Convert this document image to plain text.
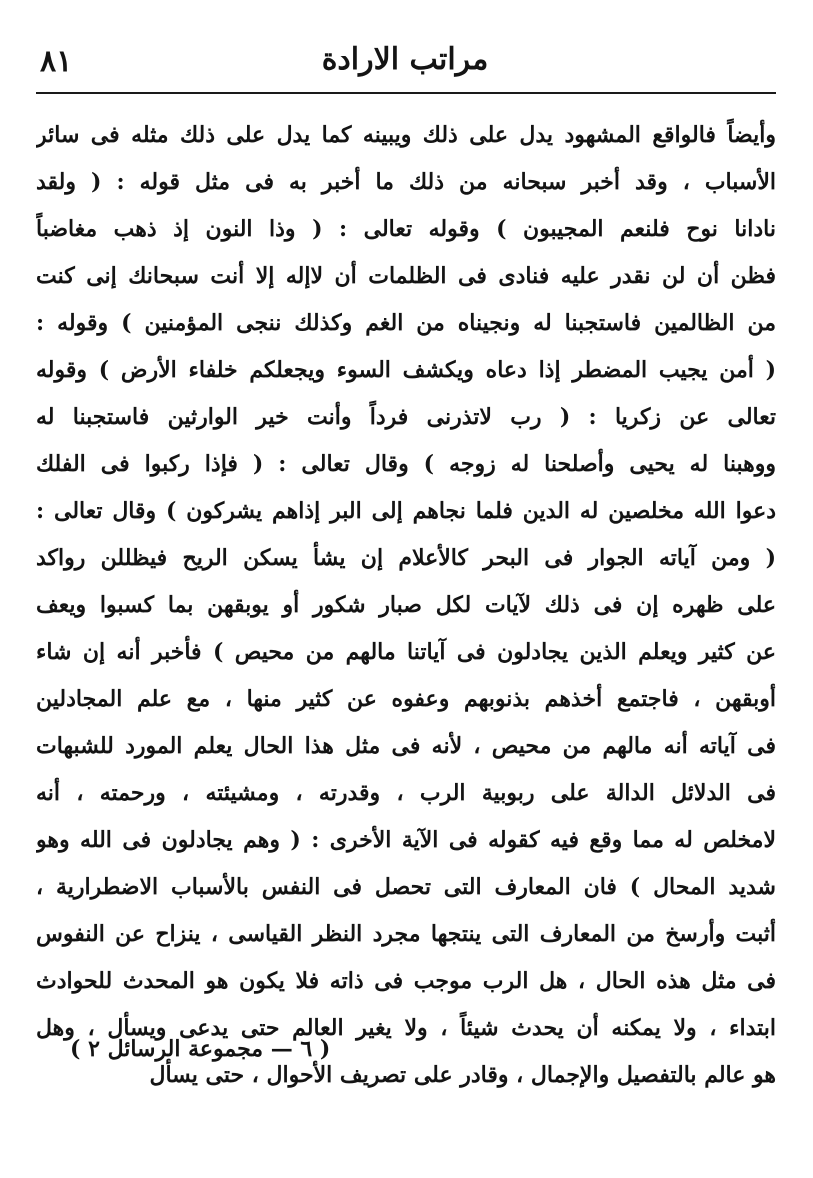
٨١	مراتب الارادة
وأيضاً فالواقع المشهود يدل على ذلك ويبينه كما يدل على ذلك مثله فى سائر
الأسباب ، وقد أخبر سبحانه من ذلك ما أخبر به فى مثل قوله : ( ولقد
نادانا نوح فلنعم المجيبون ) وقوله تعالى : ( وذا النون إذ ذهب مغاضباً
فظن أن لن نقدر عليه فنادى فى الظلمات أن لاإله إلا أنت سبحانك إنى كنت
من الظالمين فاستجبنا له ونجيناه من الغم وكذلك ننجى المؤمنين ) وقوله :
( أمن يجيب المضطر إذا دعاه ويكشف السوء ويجعلكم خلفاء الأرض ) وقوله
تعالى عن زكريا : ( رب لاتذرنى فرداً وأنت خير الوارثين فاستجبنا له
ووهبنا له يحيى وأصلحنا له زوجه ) وقال تعالى : ( فإذا ركبوا فى الفلك
دعوا الله مخلصين له الدين فلما نجاهم إلى البر إذاهم يشركون ) وقال تعالى :
( ومن آياته الجوار فى البحر كالأعلام إن يشأ يسكن الريح فيظللن رواكد
على ظهره إن فى ذلك لآيات لكل صبار شكور أو يوبقهن بما كسبوا ويعف
عن كثير ويعلم الذين يجادلون فى آياتنا مالهم من محيص ) فأخبر أنه إن شاء
أوبقهن ، فاجتمع أخذهم بذنوبهم وعفوه عن كثير منها ، مع علم المجادلين
فى آياته أنه مالهم من محيص ، لأنه فى مثل هذا الحال يعلم المورد للشبهات
فى الدلائل الدالة على ربوبية الرب ، وقدرته ، ومشيئته ، ورحمته ، أنه
لامخلص له مما وقع فيه كقوله فى الآية الأخرى : ( وهم يجادلون فى الله وهو
شديد المحال ) فان المعارف التى تحصل فى النفس بالأسباب الاضطرارية ،
أثبت وأرسخ من المعارف التى ينتجها مجرد النظر القياسى ، ينزاح عن النفوس
فى مثل هذه الحال ، هل الرب موجب فى ذاته فلا يكون هو المحدث للحوادث
ابتداء ، ولا يمكنه أن يحدث شيئاً ، ولا يغير العالم حتى يدعى ويسأل ، وهل
هو عالم بالتفصيل والإجمال ، وقادر على تصريف الأحوال ، حتى يسأل
( ٦ — مجموعة الرسائل ٢ )
